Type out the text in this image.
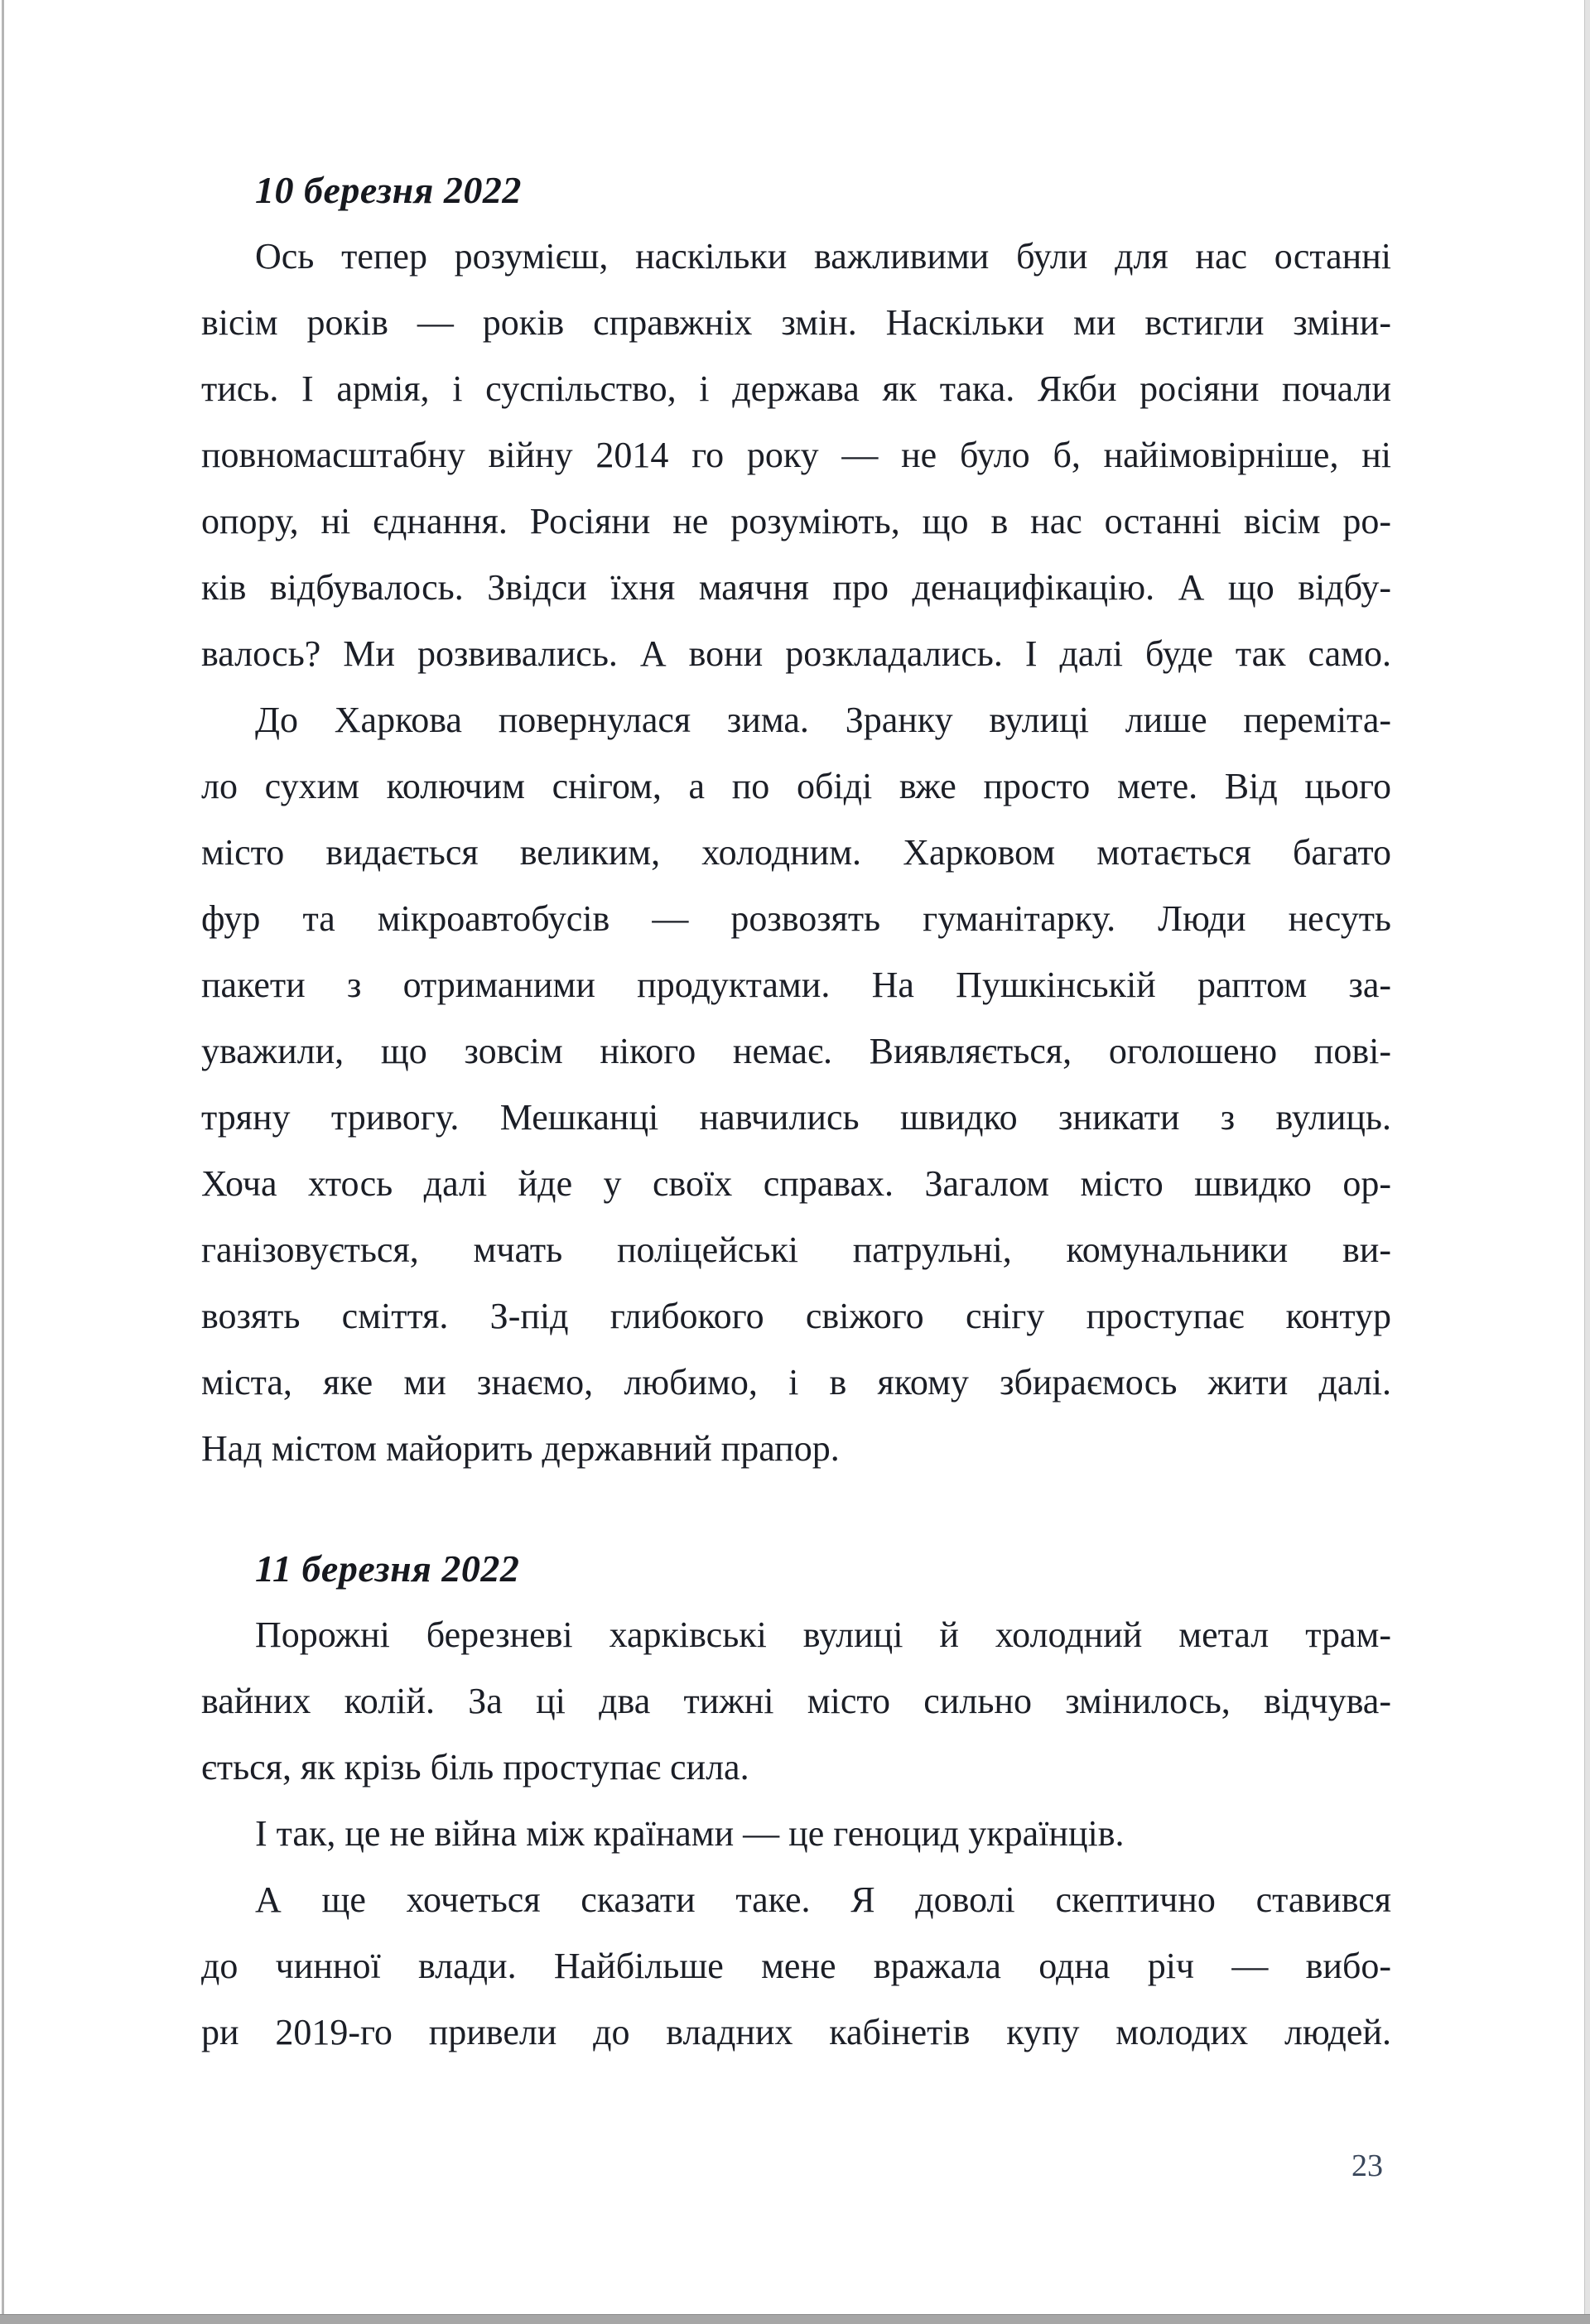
10 березня 2022
Ось тепер розумієш, наскільки важливими були для нас останні
вісім років — років справжніх змін. Наскільки ми встигли зміни-
тись. І армія, і суспільство, і держава як така. Якби росіяни почали
повномасштабну війну 2014 го року — не було б, найімовірніше, ні
опору, ні єднання. Росіяни не розуміють, що в нас останні вісім ро-
ків відбувалось. Звідси їхня маячня про денацифікацію. А що відбу-
валось? Ми розвивались. А вони розкладались. І далі буде так само.
До Харкова повернулася зима. Зранку вулиці лише переміта-
ло сухим колючим снігом, а по обіді вже просто мете. Від цього
місто видається великим, холодним. Харковом мотається багато
фур та мікроавтобусів — розвозять гуманітарку. Люди несуть
пакети з отриманими продуктами. На Пушкінській раптом за-
уважили, що зовсім нікого немає. Виявляється, оголошено пові-
тряну тривогу. Мешканці навчились швидко зникати з вулиць.
Хоча хтось далі йде у своїх справах. Загалом місто швидко ор-
ганізовується, мчать поліцейські патрульні, комунальники ви-
возять сміття. З-під глибокого свіжого снігу проступає контур
міста, яке ми знаємо, любимо, і в якому збираємось жити далі.
Над містом майорить державний прапор.
11 березня 2022
Порожні березневі харківські вулиці й холодний метал трам-
вайних колій. За ці два тижні місто сильно змінилось, відчува-
ється, як крізь біль проступає сила.
І так, це не війна між країнами — це геноцид українців.
А ще хочеться сказати таке. Я доволі скептично ставився
до чинної влади. Найбільше мене вражала одна річ — вибо-
ри 2019-го привели до владних кабінетів купу молодих людей.
23
